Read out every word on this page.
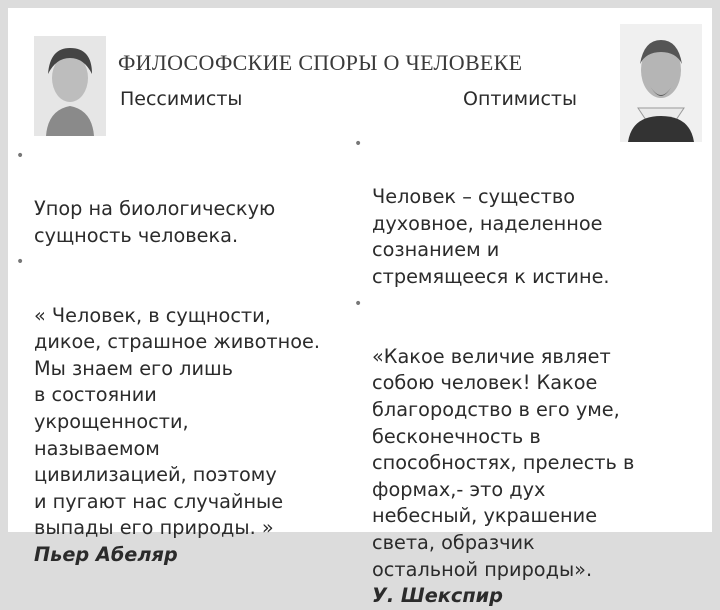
ФИЛОСОФСКИЕ СПОРЫ О ЧЕЛОВЕКЕ
Пессимисты	Оптимисты

•

Упор на биологическую
сущность человека.

•

« Человек, в сущности,
дикое, страшное животное.
Мы знаем его лишь
в состоянии
укрощенности,
называемом
цивилизацией, поэтому
и пугают нас случайные
выпады его природы. »

Пьер Абеляр

•

Человек – существо
духовное, наделенное
сознанием и
стремящееся к истине.

•

«Какое величие являет
собою человек! Какое
благородство в его уме,
бесконечность в
способностях, прелесть в
формах,- это дух
небесный, украшение
света, образчик
остальной природы».

У. Шекспир
